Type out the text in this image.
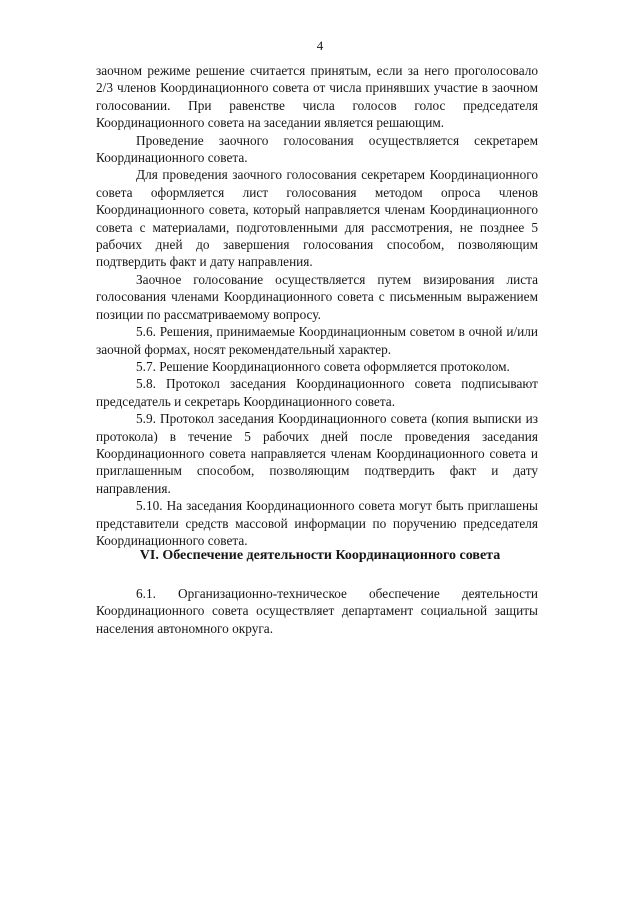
4

заочном режиме решение считается принятым, если за него проголосовало 2/3 членов Координационного совета от числа принявших участие в заочном голосовании. При равенстве числа голосов голос председателя Координационного совета на заседании является решающим.

Проведение заочного голосования осуществляется секретарем Координационного совета.

Для проведения заочного голосования секретарем Координационного совета оформляется лист голосования методом опроса членов Координационного совета, который направляется членам Координационного совета с материалами, подготовленными для рассмотрения, не позднее 5 рабочих дней до завершения голосования способом, позволяющим подтвердить факт и дату направления.

Заочное голосование осуществляется путем визирования листа голосования членами Координационного совета с письменным выражением позиции по рассматриваемому вопросу.

5.6. Решения, принимаемые Координационным советом в очной и/или заочной формах, носят рекомендательный характер.

5.7. Решение Координационного совета оформляется протоколом.

5.8. Протокол заседания Координационного совета подписывают председатель и секретарь Координационного совета.

5.9. Протокол заседания Координационного совета (копия выписки из протокола) в течение 5 рабочих дней после проведения заседания Координационного совета направляется членам Координационного совета и приглашенным способом, позволяющим подтвердить факт и дату направления.

5.10. На заседания Координационного совета могут быть приглашены представители средств массовой информации по поручению председателя Координационного совета.

VI. Обеспечение деятельности Координационного совета

6.1. Организационно-техническое обеспечение деятельности Координационного совета осуществляет департамент социальной защиты населения автономного округа.
